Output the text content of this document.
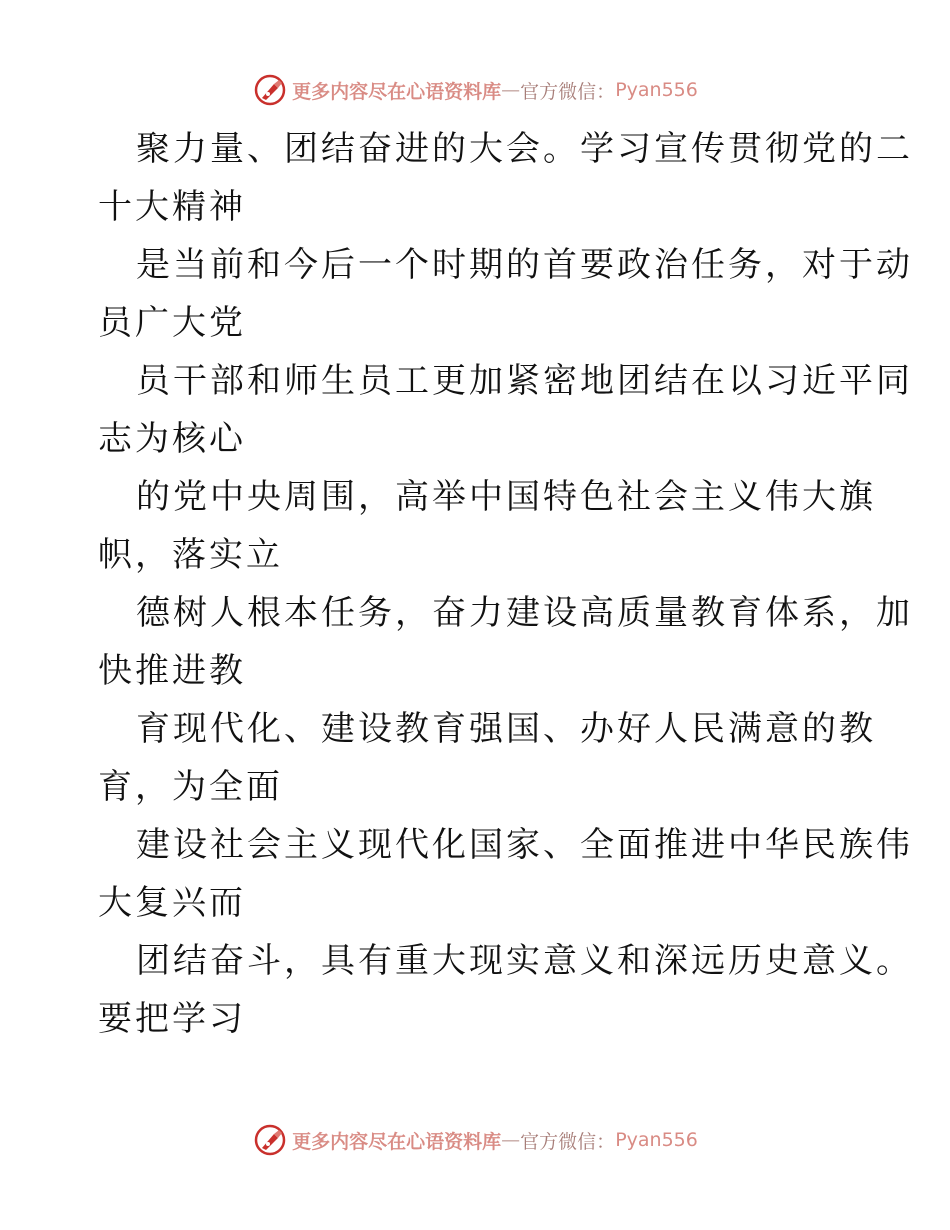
更多内容尽在心语资料库 — 官方微信： Pyan556
聚力量、团结奋进的大会。学习宣传贯彻党的二
十大精神
是当前和今后一个时期的首要政治任务，对于动
员广大党
员干部和师生员工更加紧密地团结在以习近平同
志为核心
的党中央周围，高举中国特色社会主义伟大旗
帜，落实立
德树人根本任务，奋力建设高质量教育体系，加
快推进教
育现代化、建设教育强国、办好人民满意的教
育，为全面
建设社会主义现代化国家、全面推进中华民族伟
大复兴而
团结奋斗，具有重大现实意义和深远历史意义。
要把学习
更多内容尽在心语资料库 — 官方微信： Pyan556
